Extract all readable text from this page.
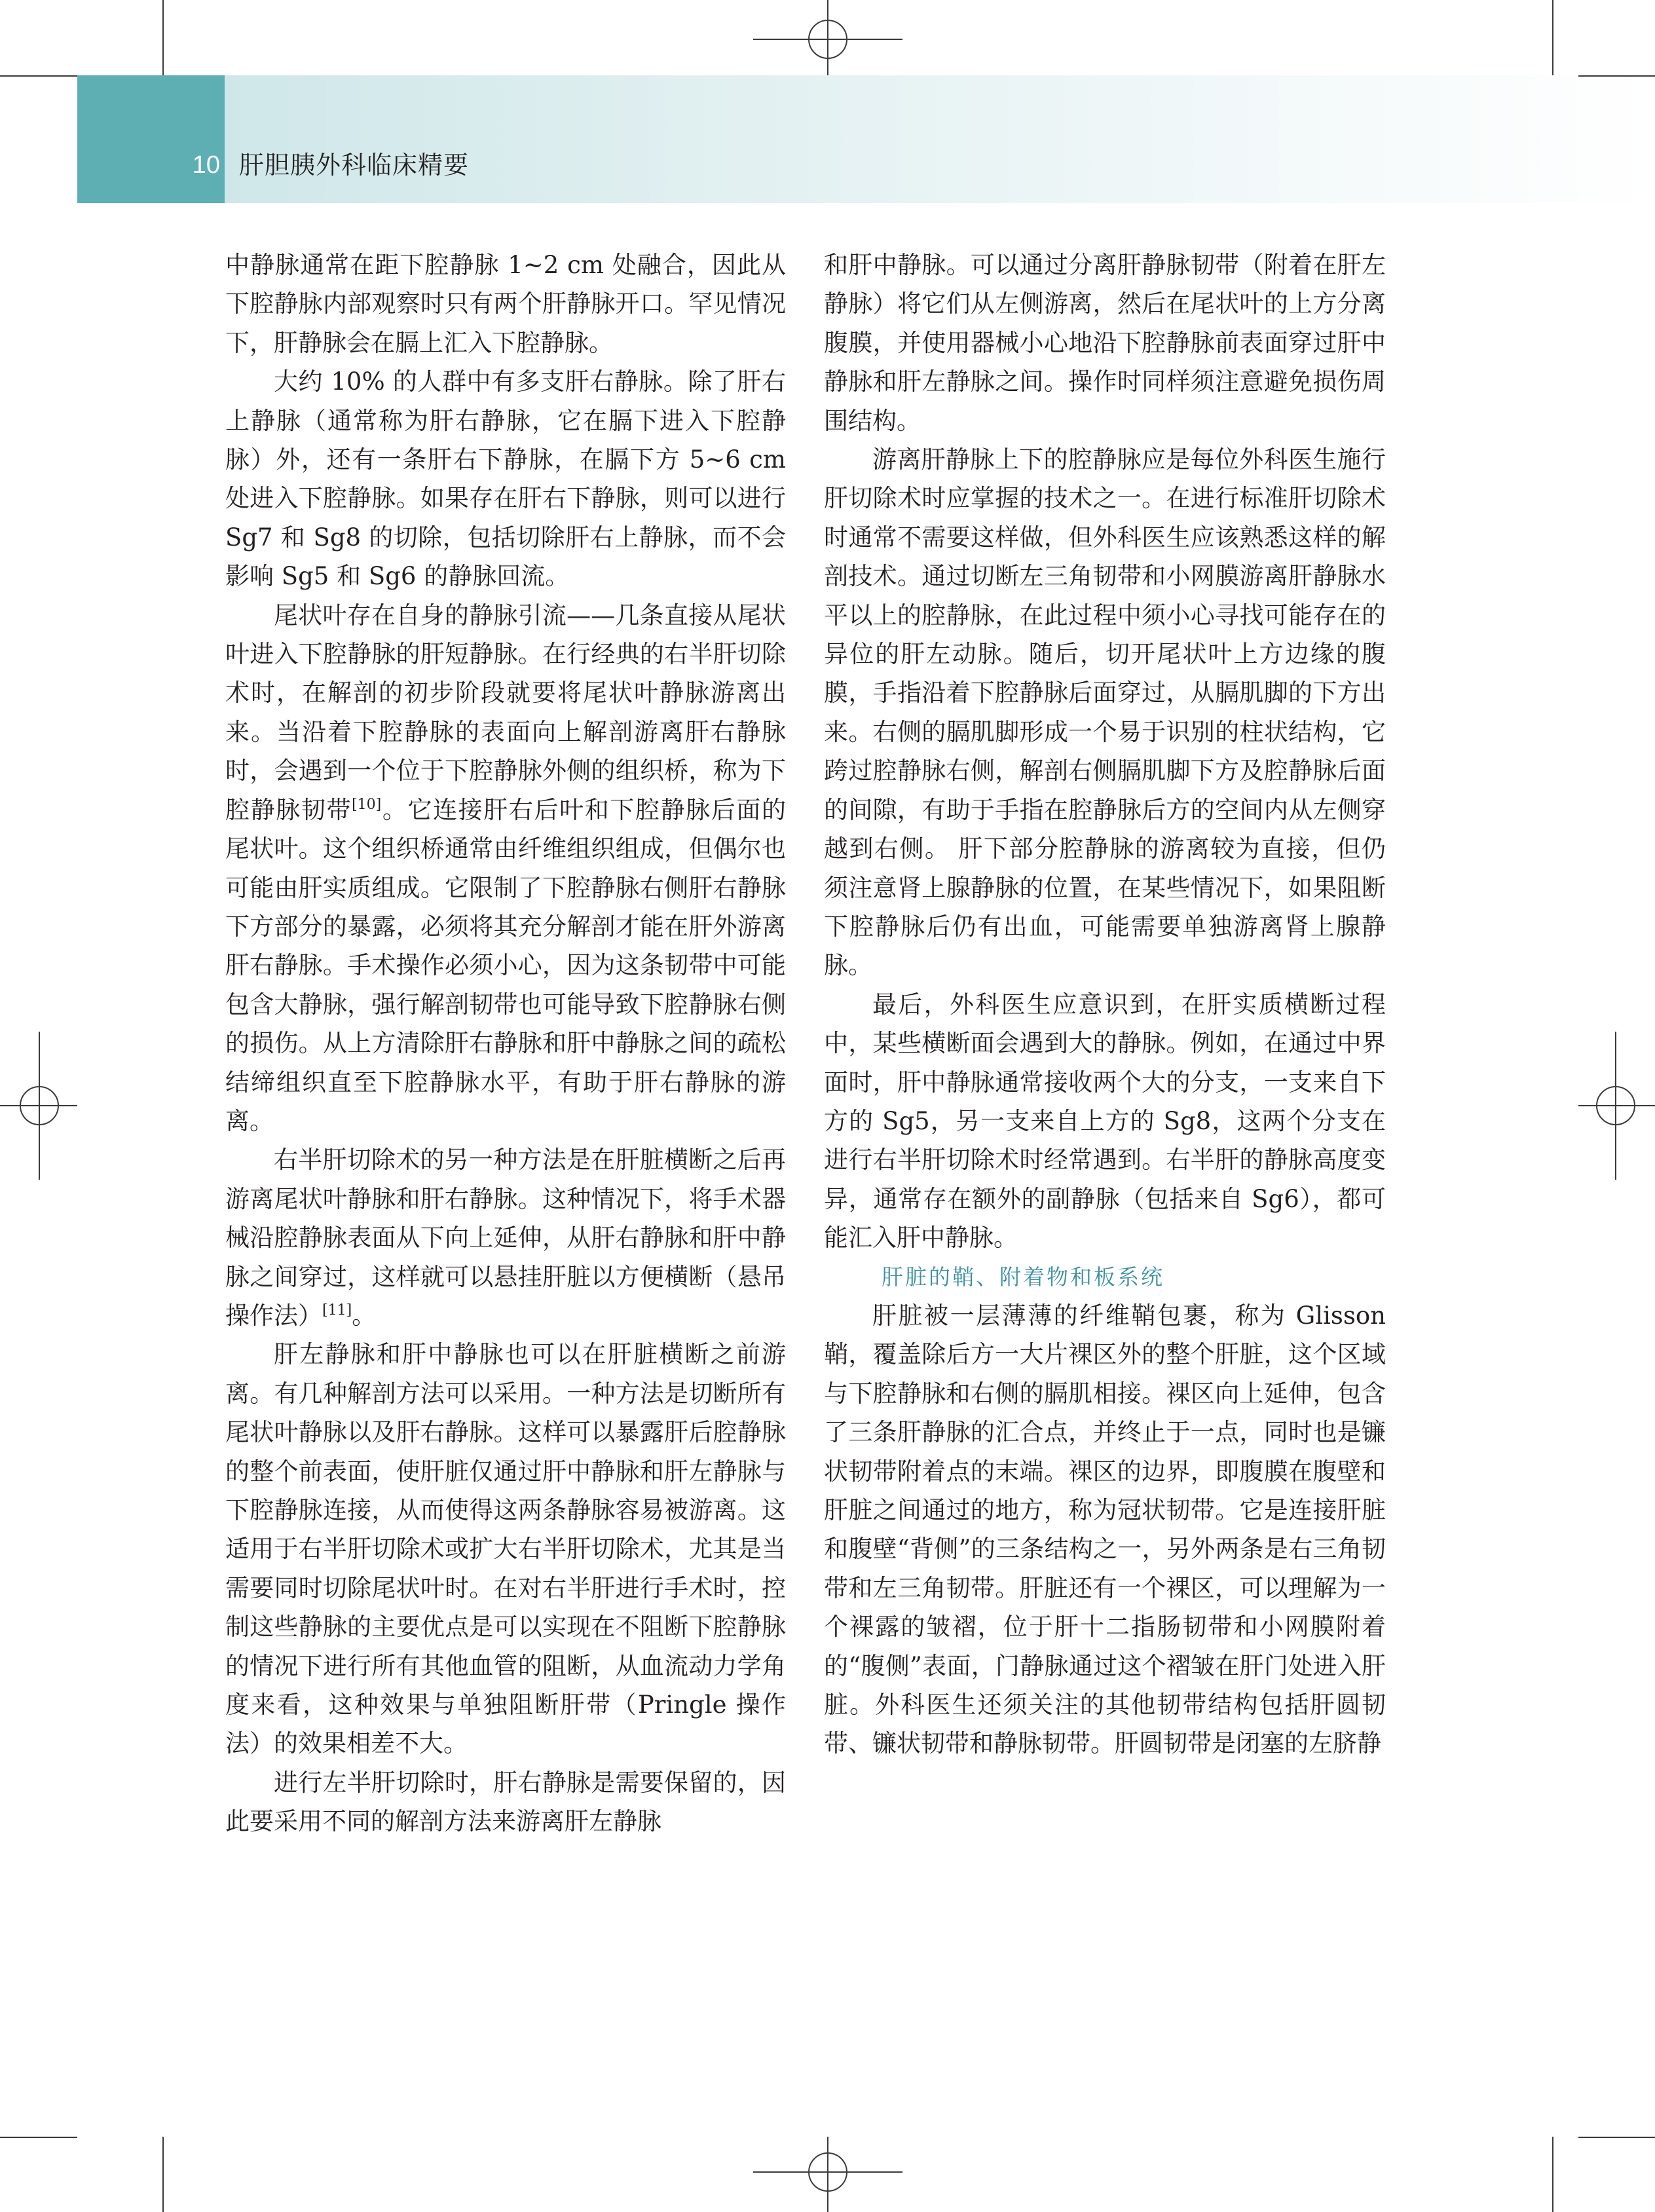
10 肝胆胰外科临床精要

中静脉通常在距下腔静脉 1~2 cm 处融合，因此从下腔静脉内部观察时只有两个肝静脉开口。罕见情况下，肝静脉会在膈上汇入下腔静脉。

大约 10% 的人群中有多支肝右静脉。除了肝右上静脉（通常称为肝右静脉，它在膈下进入下腔静脉）外，还有一条肝右下静脉，在膈下方 5~6 cm 处进入下腔静脉。如果存在肝右下静脉，则可以进行 Sg7 和 Sg8 的切除，包括切除肝右上静脉，而不会影响 Sg5 和 Sg6 的静脉回流。

尾状叶存在自身的静脉引流——几条直接从尾状叶进入下腔静脉的肝短静脉。在行经典的右半肝切除术时，在解剖的初步阶段就要将尾状叶静脉游离出来。当沿着下腔静脉的表面向上解剖游离肝右静脉时，会遇到一个位于下腔静脉外侧的组织桥，称为下腔静脉韧带[10]。它连接肝右后叶和下腔静脉后面的尾状叶。这个组织桥通常由纤维组织组成，但偶尔也可能由肝实质组成。它限制了下腔静脉右侧肝右静脉下方部分的暴露，必须将其充分解剖才能在肝外游离肝右静脉。手术操作必须小心，因为这条韧带中可能包含大静脉，强行解剖韧带也可能导致下腔静脉右侧的损伤。从上方清除肝右静脉和肝中静脉之间的疏松结缔组织直至下腔静脉水平，有助于肝右静脉的游离。

右半肝切除术的另一种方法是在肝脏横断之后再游离尾状叶静脉和肝右静脉。这种情况下，将手术器械沿腔静脉表面从下向上延伸，从肝右静脉和肝中静脉之间穿过，这样就可以悬挂肝脏以方便横断（悬吊操作法）[11]。

肝左静脉和肝中静脉也可以在肝脏横断之前游离。有几种解剖方法可以采用。一种方法是切断所有尾状叶静脉以及肝右静脉。这样可以暴露肝后腔静脉的整个前表面，使肝脏仅通过肝中静脉和肝左静脉与下腔静脉连接，从而使得这两条静脉容易被游离。这适用于右半肝切除术或扩大右半肝切除术，尤其是当需要同时切除尾状叶时。在对右半肝进行手术时，控制这些静脉的主要优点是可以实现在不阻断下腔静脉的情况下进行所有其他血管的阻断，从血流动力学角度来看，这种效果与单独阻断肝带（Pringle 操作法）的效果相差不大。

进行左半肝切除时，肝右静脉是需要保留的，因此要采用不同的解剖方法来游离肝左静脉

和肝中静脉。可以通过分离肝静脉韧带（附着在肝左静脉）将它们从左侧游离，然后在尾状叶的上方分离腹膜，并使用器械小心地沿下腔静脉前表面穿过肝中静脉和肝左静脉之间。操作时同样须注意避免损伤周围结构。

游离肝静脉上下的腔静脉应是每位外科医生施行肝切除术时应掌握的技术之一。在进行标准肝切除术时通常不需要这样做，但外科医生应该熟悉这样的解剖技术。通过切断左三角韧带和小网膜游离肝静脉水平以上的腔静脉，在此过程中须小心寻找可能存在的异位的肝左动脉。随后，切开尾状叶上方边缘的腹膜，手指沿着下腔静脉后面穿过，从膈肌脚的下方出来。右侧的膈肌脚形成一个易于识别的柱状结构，它跨过腔静脉右侧，解剖右侧膈肌脚下方及腔静脉后面的间隙，有助于手指在腔静脉后方的空间内从左侧穿越到右侧。 肝下部分腔静脉的游离较为直接，但仍须注意肾上腺静脉的位置，在某些情况下，如果阻断下腔静脉后仍有出血，可能需要单独游离肾上腺静脉。

最后，外科医生应意识到，在肝实质横断过程中，某些横断面会遇到大的静脉。例如，在通过中界面时，肝中静脉通常接收两个大的分支，一支来自下方的 Sg5，另一支来自上方的 Sg8，这两个分支在进行右半肝切除术时经常遇到。右半肝的静脉高度变异，通常存在额外的副静脉（包括来自 Sg6），都可能汇入肝中静脉。

肝脏的鞘、附着物和板系统

肝脏被一层薄薄的纤维鞘包裹，称为 Glisson 鞘，覆盖除后方一大片裸区外的整个肝脏，这个区域与下腔静脉和右侧的膈肌相接。裸区向上延伸，包含了三条肝静脉的汇合点，并终止于一点，同时也是镰状韧带附着点的末端。裸区的边界，即腹膜在腹壁和肝脏之间通过的地方，称为冠状韧带。它是连接肝脏和腹壁“背侧”的三条结构之一，另外两条是右三角韧带和左三角韧带。肝脏还有一个裸区，可以理解为一个裸露的皱褶，位于肝十二指肠韧带和小网膜附着的“腹侧”表面，门静脉通过这个褶皱在肝门处进入肝脏。外科医生还须关注的其他韧带结构包括肝圆韧带、镰状韧带和静脉韧带。肝圆韧带是闭塞的左脐静
